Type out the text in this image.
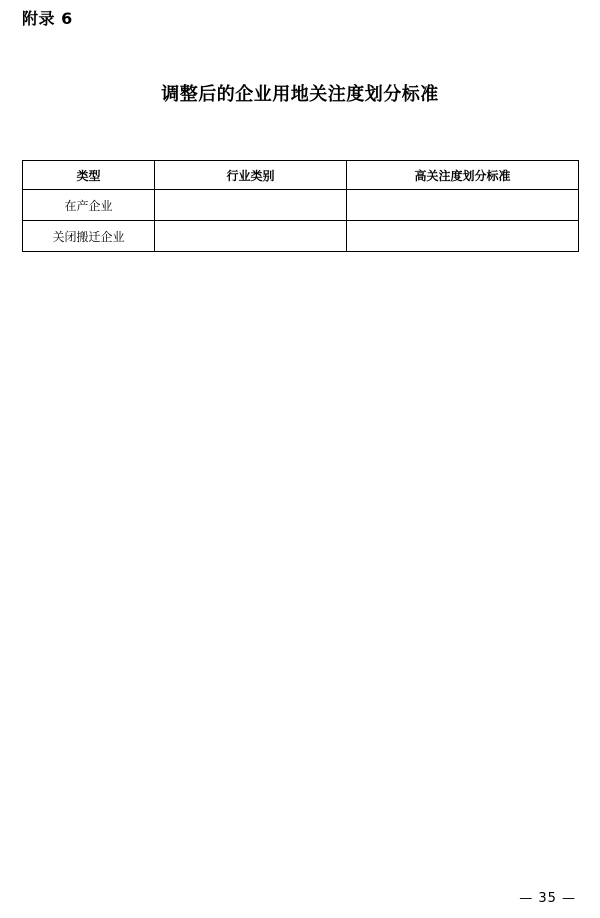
附录 6
调整后的企业用地关注度划分标准
类型	行业类别	高关注度划分标准
在产企业		
关闭搬迁企业		
— 35 —
